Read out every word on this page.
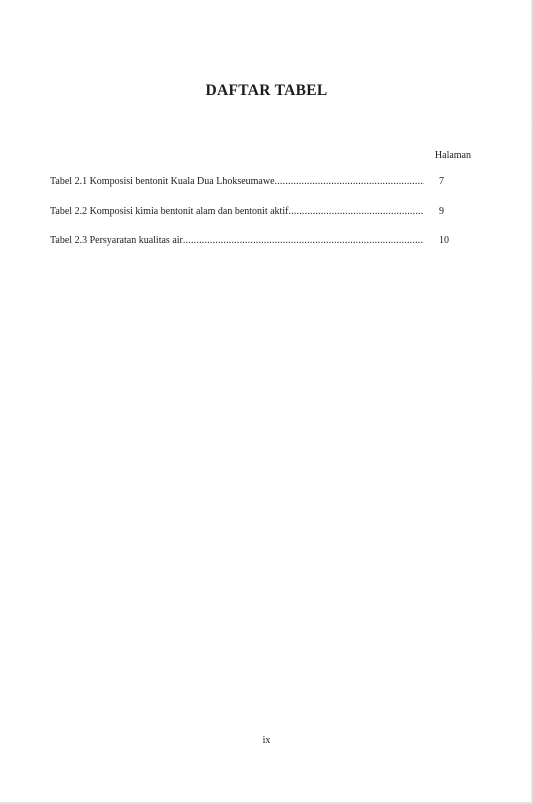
DAFTAR TABEL
Halaman
Tabel 2.1 Komposisi bentonit Kuala Dua Lhokseumawe .....	7
Tabel 2.2 Komposisi kimia bentonit alam dan bentonit aktif .....	9
Tabel 2.3 Persyaratan kualitas air .....	10
ix
